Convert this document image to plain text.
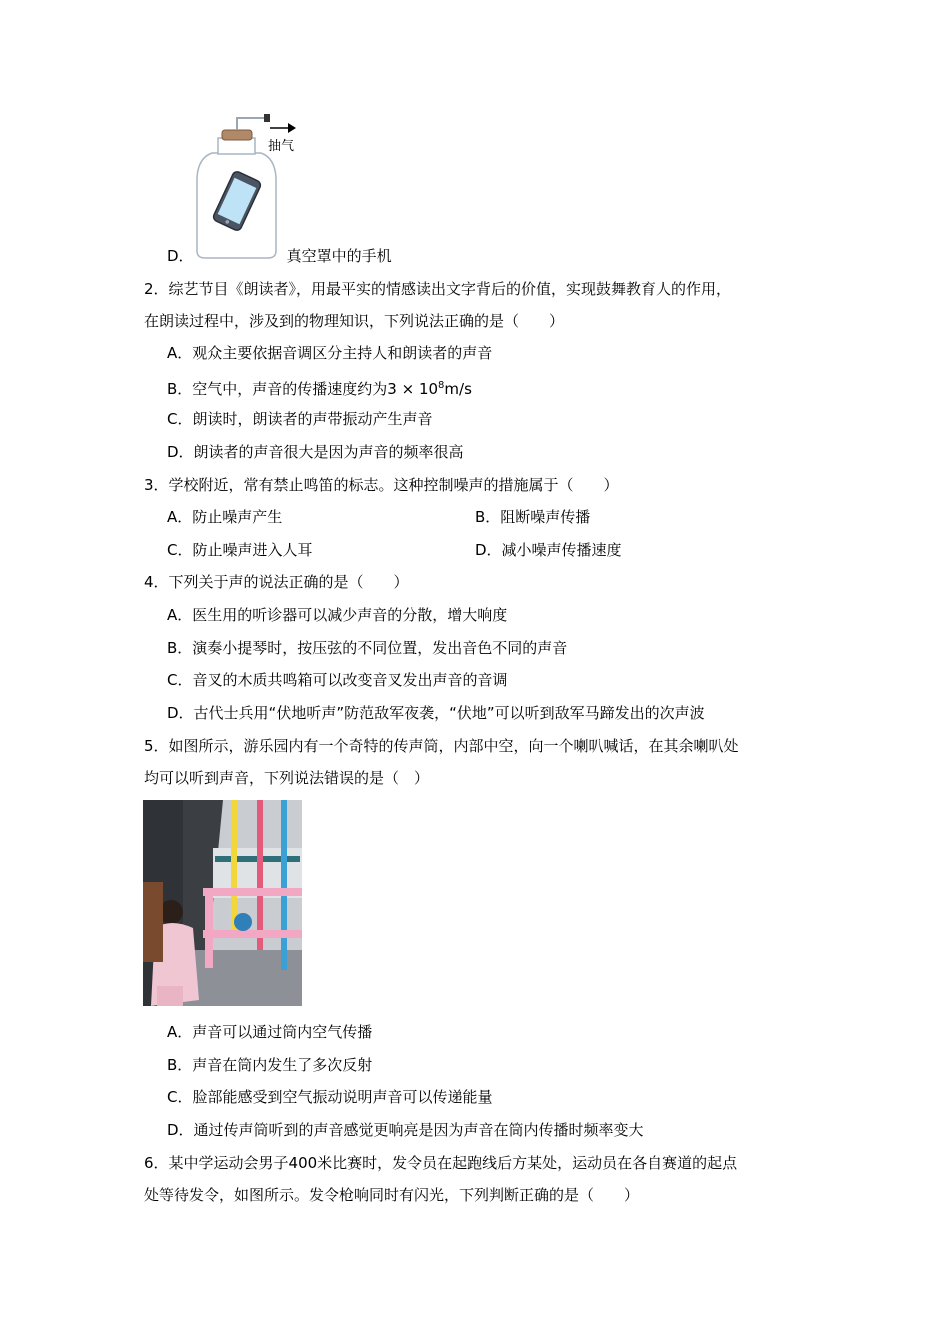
抽气
D．	真空罩中的手机
2．综艺节目《朗读者》，用最平实的情感读出文字背后的价值，实现鼓舞教育人的作用，
在朗读过程中，涉及到的物理知识，下列说法正确的是（　　）
A．观众主要依据音调区分主持人和朗读者的声音
B．空气中，声音的传播速度约为$3 \times 10^8m/s$
C．朗读时，朗读者的声带振动产生声音
D．朗读者的声音很大是因为声音的频率很高
3．学校附近，常有禁止鸣笛的标志。这种控制噪声的措施属于（　　）
A．防止噪声产生	B．阻断噪声传播
C．防止噪声进入人耳	D．减小噪声传播速度
4．下列关于声的说法正确的是（　　）
A．医生用的听诊器可以减少声音的分散，增大响度
B．演奏小提琴时，按压弦的不同位置，发出音色不同的声音
C．音叉的木质共鸣箱可以改变音叉发出声音的音调
D．古代士兵用“伏地听声”防范敌军夜袭，“伏地”可以听到敌军马蹄发出的次声波
5．如图所示，游乐园内有一个奇特的传声筒，内部中空，向一个喇叭喊话，在其余喇叭处
均可以听到声音，下列说法错误的是（　）
A．声音可以通过筒内空气传播
B．声音在筒内发生了多次反射
C．脸部能感受到空气振动说明声音可以传递能量
D．通过传声筒听到的声音感觉更响亮是因为声音在筒内传播时频率变大
6．某中学运动会男子400米比赛时，发令员在起跑线后方某处，运动员在各自赛道的起点
处等待发令，如图所示。发令枪响同时有闪光，下列判断正确的是（　　）
